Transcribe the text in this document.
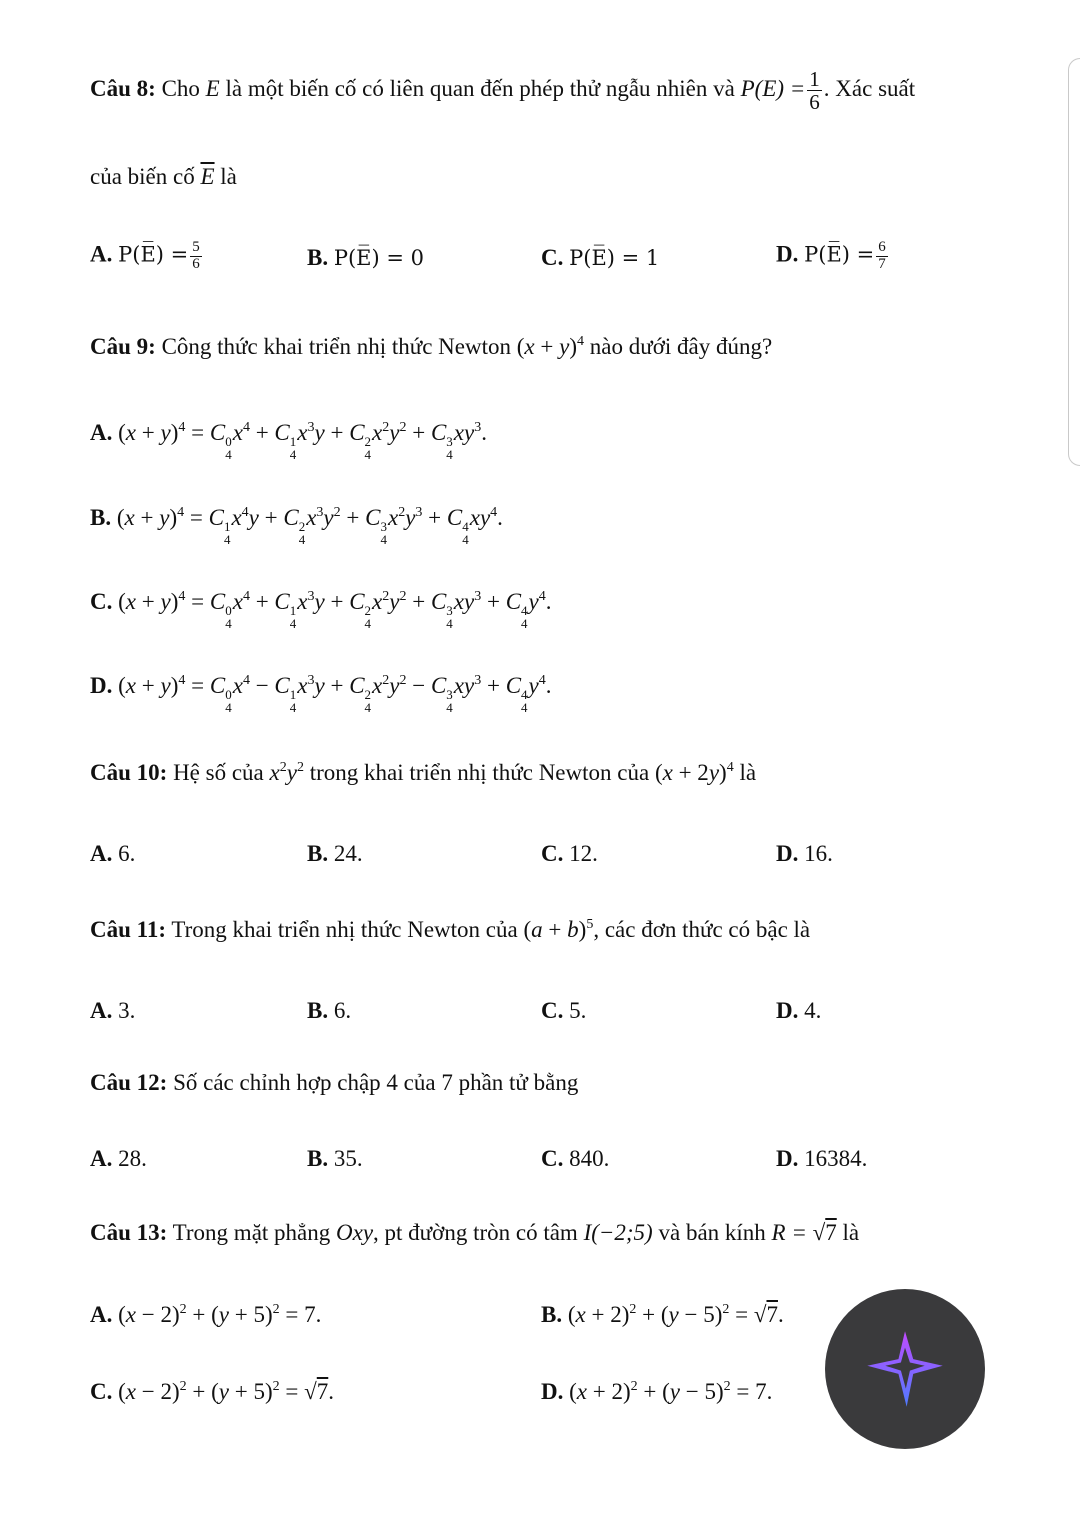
Câu 8: Cho E là một biến cố có liên quan đến phép thử ngẫu nhiên và $P(E) = \frac{1}{6}$ . Xác suất
của biến cố $\overline{E}$ là
A. P(E̅) = $\frac{5}{6}$	B. P(E̅) = 0	C. P(E̅) = 1	D. P(E̅) = $\frac{6}{7}$
Câu 9: Công thức khai triển nhị thức Newton $(x + y)^4$ nào dưới đây đúng?
A. $(x + y)^4 = C$ 0
4
$x^4 + C$ 1
4
$x^3y + C$ 2
4
$x^2y^2 + C$ 3
4
$xy^3$.
B. $(x + y)^4 = C$ 1
4
$x^4y + C$ 2
4
$x^3y^2 + C$ 3
4
$x^2y^3 + C$ 4
4
$xy^4$.
C. $(x + y)^4 = C$ 0
4
$x^4 + C$ 1
4
$x^3y + C$ 2
4
$x^2y^2 + C$ 3
4
$xy^3 + C$ 4
4
$y^4$.
D. $(x + y)^4 = C$ 0
4
$x^4 - C$ 1
4
$x^3y + C$ 2
4
$x^2y^2 - C$ 3
4
$xy^3 + C$ 4
4
$y^4$.
Câu 10: Hệ số của $x^2y^2$ trong khai triển nhị thức Newton của $(x + 2y)^4$ là
A. 6.	B. 24.	C. 12.	D. 16.
Câu 11: Trong khai triển nhị thức Newton của $(a + b)^5$, các đơn thức có bậc là
A. 3.	B. 6.	C. 5.	D. 4.
Câu 12: Số các chỉnh hợp chập 4 của 7 phần tử bằng
A. 28.	B. 35.	C. 840.	D. 16384.
Câu 13: Trong mặt phẳng Oxy, pt đường tròn có tâm I(−2;5) và bán kính R = √7 là
A. $(x - 2)^2 + (y + 5)^2 = 7$.	B. $(x + 2)^2 + (y - 5)^2 = √7$.
C. $(x - 2)^2 + (y + 5)^2 = √7$.	D. $(x + 2)^2 + (y - 5)^2 = 7$.
